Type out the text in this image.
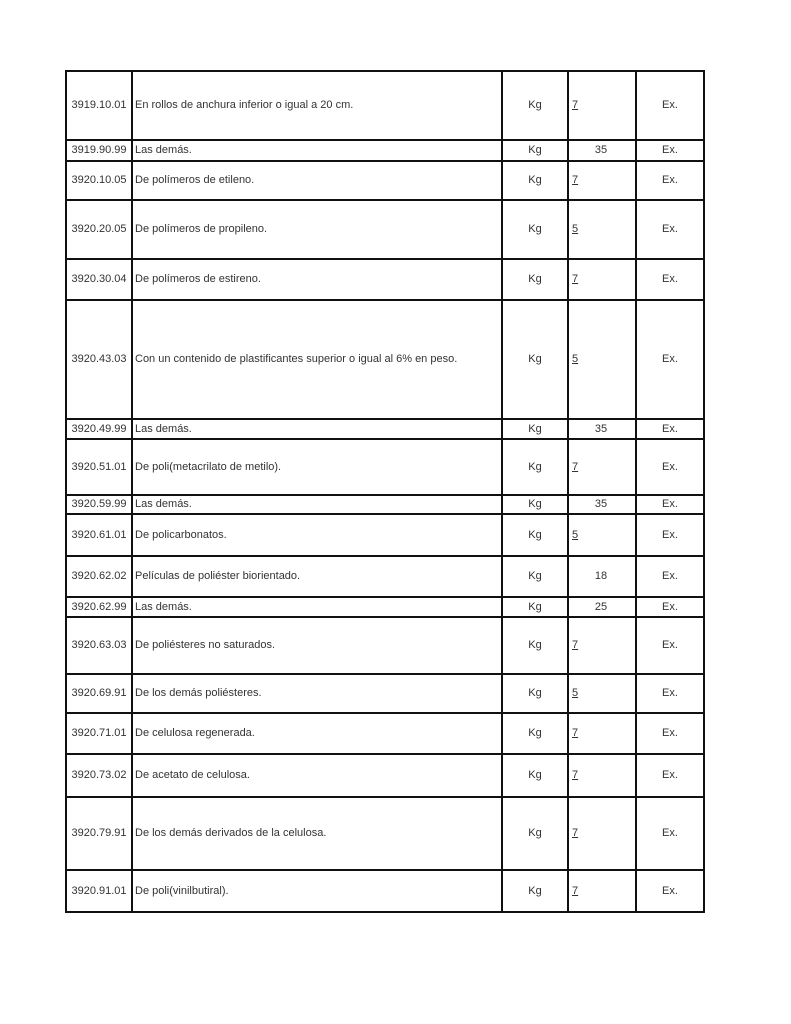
3919.10.01	En rollos de anchura inferior o igual a 20 cm.	Kg	7	Ex.
3919.90.99	Las demás.	Kg	35	Ex.
3920.10.05	De polímeros de etileno.	Kg	7	Ex.
3920.20.05	De polímeros de propileno.	Kg	5	Ex.
3920.30.04	De polímeros de estireno.	Kg	7	Ex.
3920.43.03	Con un contenido de plastificantes superior o igual al 6% en peso.	Kg	5	Ex.
3920.49.99	Las demás.	Kg	35	Ex.
3920.51.01	De poli(metacrilato de metilo).	Kg	7	Ex.
3920.59.99	Las demás.	Kg	35	Ex.
3920.61.01	De policarbonatos.	Kg	5	Ex.
3920.62.02	Películas de poliéster biorientado.	Kg	18	Ex.
3920.62.99	Las demás.	Kg	25	Ex.
3920.63.03	De poliésteres no saturados.	Kg	7	Ex.
3920.69.91	De los demás poliésteres.	Kg	5	Ex.
3920.71.01	De celulosa regenerada.	Kg	7	Ex.
3920.73.02	De acetato de celulosa.	Kg	7	Ex.
3920.79.91	De los demás derivados de la celulosa.	Kg	7	Ex.
3920.91.01	De poli(vinilbutiral).	Kg	7	Ex.
